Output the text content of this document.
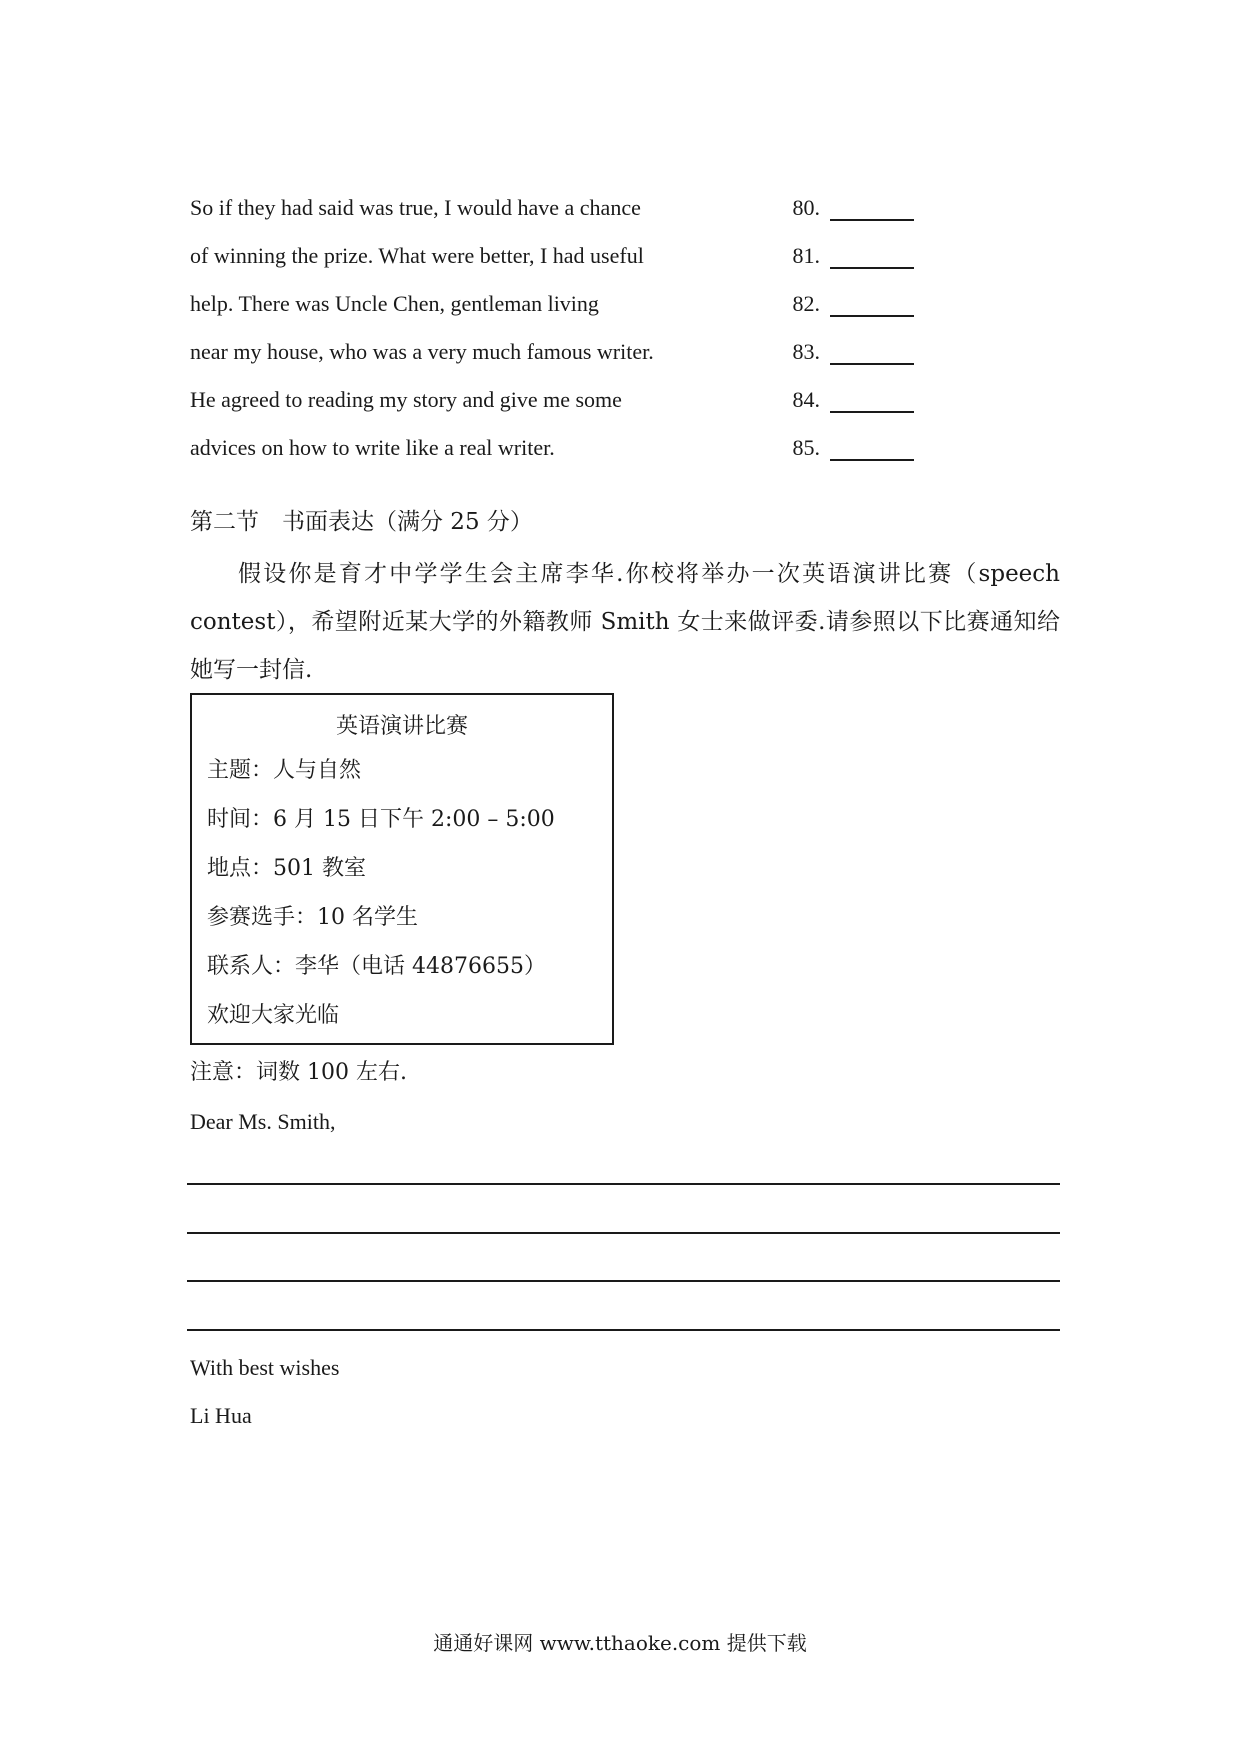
So if they had said was true, I would have a chance	80.
of winning the prize. What were better, I had useful	81.
help. There was Uncle Chen, gentleman living	82.
near my house, who was a very much famous writer.	83.
He agreed to reading my story and give me some	84.
advices on how to write like a real writer.	85.
第二节　书面表达（满分 25 分）
假设你是育才中学学生会主席李华.你校将举办一次英语演讲比赛（speech contest），希望附近某大学的外籍教师 Smith 女士来做评委.请参照以下比赛通知给她写一封信.
英语演讲比赛
主题：人与自然
时间：6 月 15 日下午 2:00 – 5:00
地点：501 教室
参赛选手：10 名学生
联系人：李华（电话 44876655）
欢迎大家光临
注意：词数 100 左右.
Dear Ms. Smith,
With best wishes
Li Hua
通通好课网 www.tthaoke.com 提供下载
